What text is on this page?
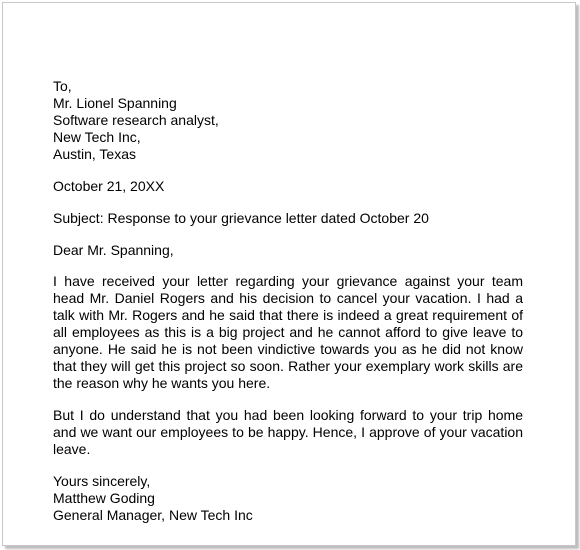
To,
Mr. Lionel Spanning
Software research analyst,
New Tech Inc,
Austin, Texas
October 21, 20XX
Subject: Response to your grievance letter dated October 20
Dear Mr. Spanning,

I have received your letter regarding your grievance against your team head Mr. Daniel Rogers and his decision to cancel your vacation. I had a talk with Mr. Rogers and he said that there is indeed a great requirement of all employees as this is a big project and he cannot afford to give leave to anyone. He said he is not been vindictive towards you as he did not know that they will get this project so soon. Rather your exemplary work skills are the reason why he wants you here.

But I do understand that you had been looking forward to your trip home and we want our employees to be happy. Hence, I approve of your vacation leave.

Yours sincerely,
Matthew Goding
General Manager, New Tech Inc
